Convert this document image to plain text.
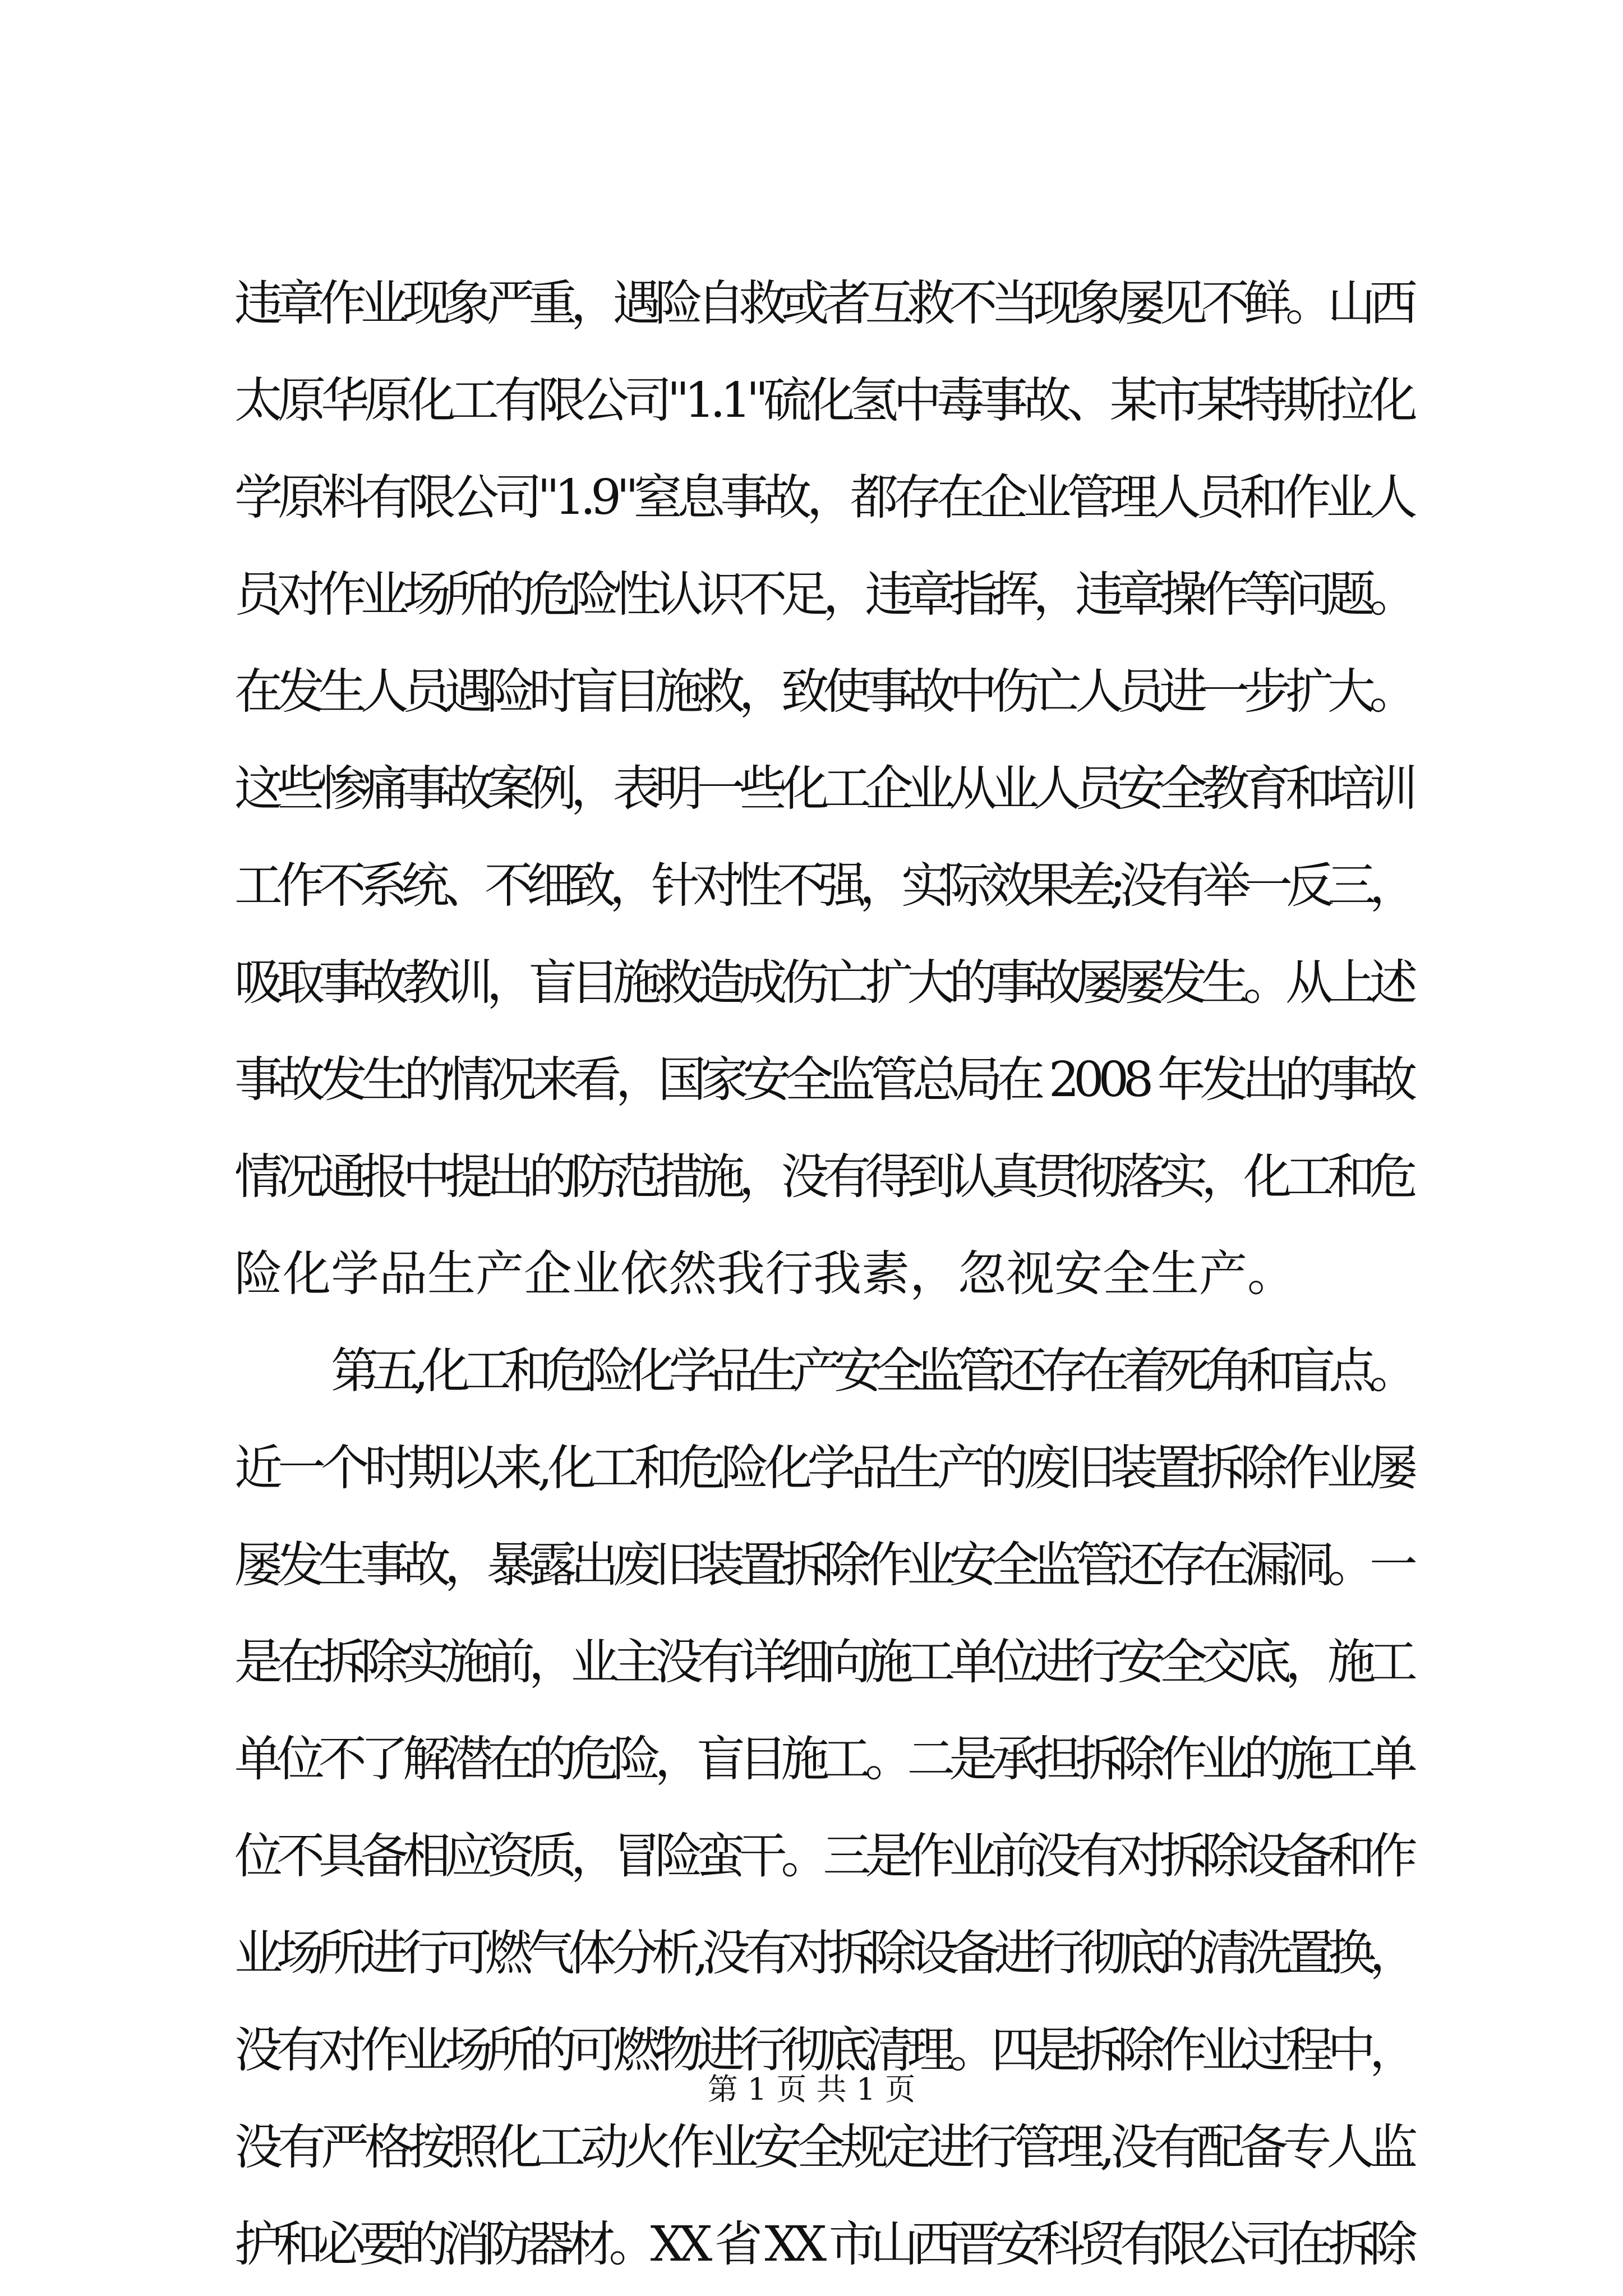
违章作业现象严重，遇险自救或者互救不当现象屡见不鲜。山西
太原华原化工有限公司"1.1"硫化氢中毒事故、某市某特斯拉化
学原料有限公司"1.9"窒息事故，都存在企业管理人员和作业人
员对作业场所的危险性认识不足，违章指挥，违章操作等问题。
在发生人员遇险时盲目施救，致使事故中伤亡人员进一步扩大。
这些惨痛事故案例，表明一些化工企业从业人员安全教育和培训
工作不系统、不细致，针对性不强，实际效果差;没有举一反三，
吸取事故教训，盲目施救造成伤亡扩大的事故屡屡发生。从上述
事故发生的情况来看，国家安全监管总局在 2008 年发出的事故
情况通报中提出的防范措施，没有得到认真贯彻落实，化工和危
险化学品生产企业依然我行我素，忽视安全生产。
第五,化工和危险化学品生产安全监管还存在着死角和盲点。
近一个时期以来,化工和危险化学品生产的废旧装置拆除作业屡
屡发生事故，暴露出废旧装置拆除作业安全监管还存在漏洞。一
是在拆除实施前，业主没有详细向施工单位进行安全交底，施工
单位不了解潜在的危险，盲目施工。二是承担拆除作业的施工单
位不具备相应资质，冒险蛮干。三是作业前没有对拆除设备和作
业场所进行可燃气体分析,没有对拆除设备进行彻底的清洗置换，
没有对作业场所的可燃物进行彻底清理。四是拆除作业过程中，
没有严格按照化工动火作业安全规定进行管理,没有配备专人监
护和必要的消防器材。XX 省 XX 市山西晋安科贸有限公司在拆除
第 1 页 共 1 页
